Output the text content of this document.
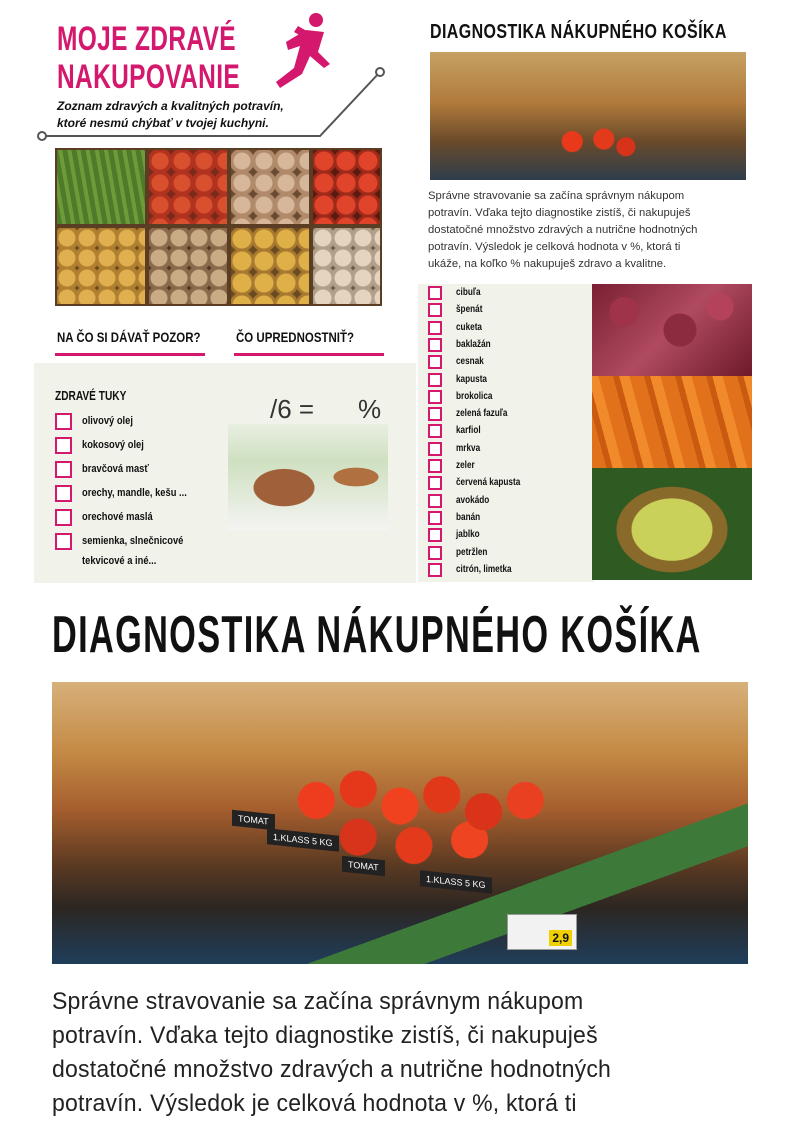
MOJE ZDRAVÉ
NAKUPOVANIE
Zoznam zdravých a kvalitných potravín,
ktoré nesmú chýbať v tvojej kuchyni.
NA ČO SI DÁVAŤ POZOR?	ČO UPREDNOSTNIŤ?
ZDRAVÉ TUKY	/6 = %
olivový olej
kokosový olej
bravčová masť
orechy, mandle, kešu ...
orechové maslá
semienka, slnečnicové
tekvicové a iné...
DIAGNOSTIKA NÁKUPNÉHO KOŠÍKA
Správne stravovanie sa začína správnym nákupom
potravín. Vďaka tejto diagnostike zistíš, či nakupuješ
dostatočné množstvo zdravých a nutrične hodnotných
potravín. Výsledok je celková hodnota v %, ktorá ti
ukáže, na koľko % nakupuješ zdravo a kvalitne.
cibuľa
špenát
cuketa
baklažán
cesnak
kapusta
brokolica
zelená fazuľa
karfiol
mrkva
zeler
červená kapusta
avokádo
banán
jablko
petržlen
citrón, limetka
DIAGNOSTIKA NÁKUPNÉHO KOŠÍKA
TOMAT
TOMAT
1.KLASS 5 KG
1.KLASS 5 KG
2,9
Správne stravovanie sa začína správnym nákupom
potravín. Vďaka tejto diagnostike zistíš, či nakupuješ
dostatočné množstvo zdravých a nutrične hodnotných
potravín. Výsledok je celková hodnota v %, ktorá ti
